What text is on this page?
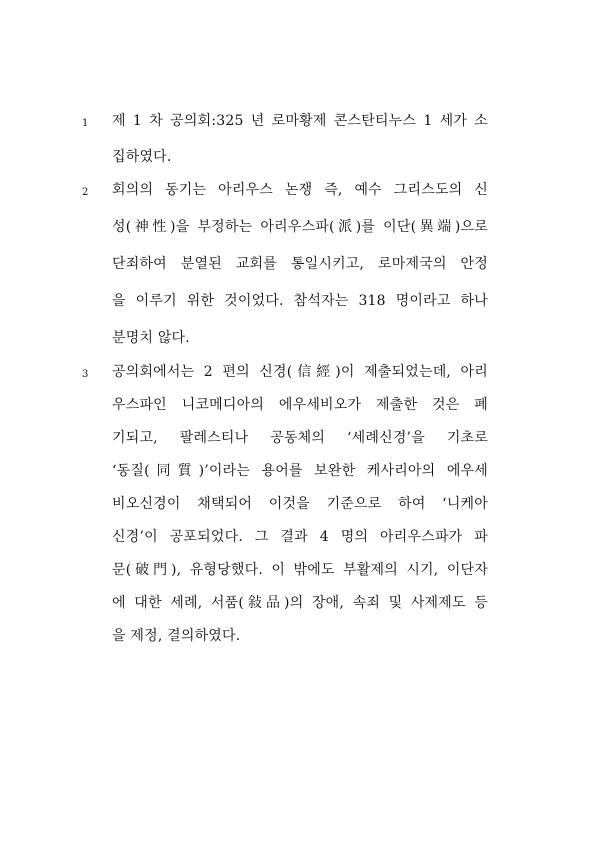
1 제 1 차 공의회:325 년 로마황제 콘스탄티누스 1 세가 소
집하였다.
2 회의의 동기는 아리우스 논쟁 즉, 예수 그리스도의 신
성(神性)을 부정하는 아리우스파(派)를 이단(異端)으로
단죄하여 분열된 교회를 통일시키고, 로마제국의 안정
을 이루기 위한 것이었다. 참석자는 318 명이라고 하나
분명치 않다.
3 공의회에서는 2 편의 신경(信經)이 제출되었는데, 아리
우스파인 니코메디아의 에우세비오가 제출한 것은 폐
기되고, 팔레스티나 공동체의 ‘세례신경’을 기초로
‘동질(同質)’이라는 용어를 보완한 케사리아의 에우세
비오신경이 채택되어 이것을 기준으로 하여 ‘니케아
신경’이 공포되었다. 그 결과 4 명의 아리우스파가 파
문(破門), 유형당했다. 이 밖에도 부활제의 시기, 이단자
에 대한 세례, 서품(敍品)의 장애, 속죄 및 사제제도 등
을 제정, 결의하였다.
